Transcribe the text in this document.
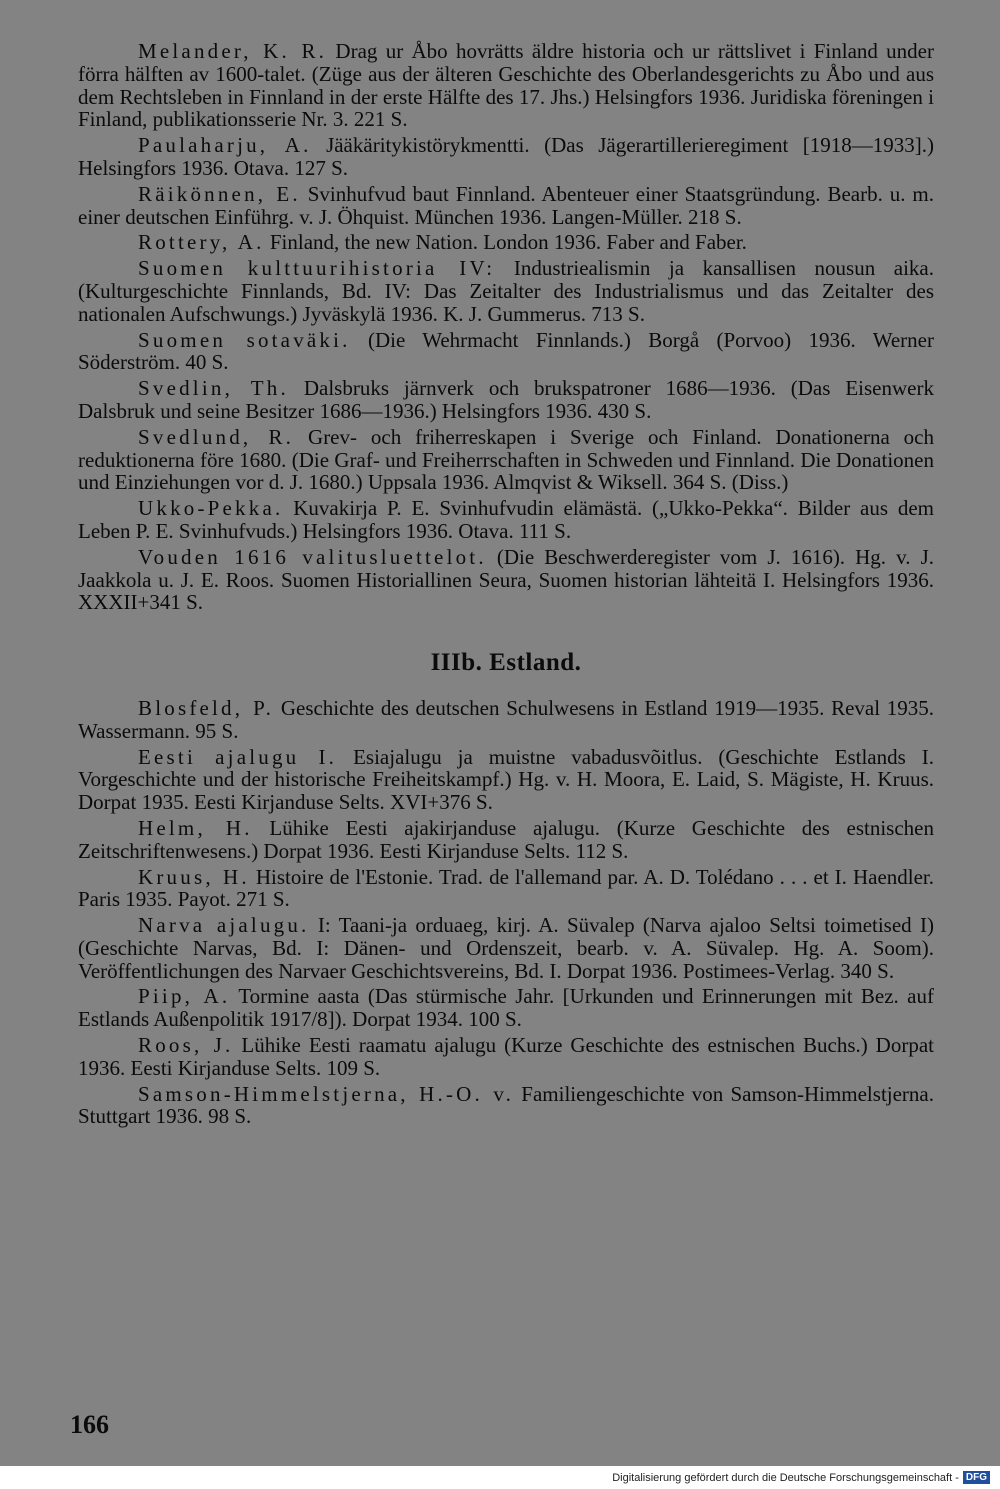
Melander, K. R. Drag ur Åbo hovrätts äldre historia och ur rättslivet i Finland under förra hälften av 1600-talet. (Züge aus der älteren Geschichte des Oberlandesgerichts zu Åbo und aus dem Rechtsleben in Finnland in der erste Hälfte des 17. Jhs.) Helsingfors 1936. Juridiska föreningen i Finland, publikationsserie Nr. 3. 221 S.

Paulaharju, A. Jääkäritykistörykmentti. (Das Jägerartillerieregiment [1918—1933].) Helsingfors 1936. Otava. 127 S.

Räikönnen, E. Svinhufvud baut Finnland. Abenteuer einer Staatsgründung. Bearb. u. m. einer deutschen Einführg. v. J. Öhquist. München 1936. Langen-Müller. 218 S.

Rottery, A. Finland, the new Nation. London 1936. Faber and Faber.

Suomen kulttuurihistoria IV: Industriealismin ja kansallisen nousun aika. (Kulturgeschichte Finnlands, Bd. IV: Das Zeitalter des Industrialismus und das Zeitalter des nationalen Aufschwungs.) Jyväskylä 1936. K. J. Gummerus. 713 S.

Suomen sotaväki. (Die Wehrmacht Finnlands.) Borgå (Porvoo) 1936. Werner Söderström. 40 S.

Svedlin, Th. Dalsbruks järnverk och brukspatroner 1686—1936. (Das Eisenwerk Dalsbruk und seine Besitzer 1686—1936.) Helsingfors 1936. 430 S.

Svedlund, R. Grev- och friherreskapen i Sverige och Finland. Donationerna och reduktionerna före 1680. (Die Graf- und Freiherrschaften in Schweden und Finnland. Die Donationen und Einziehungen vor d. J. 1680.) Uppsala 1936. Almqvist & Wiksell. 364 S. (Diss.)

Ukko-Pekka. Kuvakirja P. E. Svinhufvudin elämästä. („Ukko-Pekka“. Bilder aus dem Leben P. E. Svinhufvuds.) Helsingfors 1936. Otava. 111 S.

Vouden 1616 valitusluettelot. (Die Beschwerderegister vom J. 1616). Hg. v. J. Jaakkola u. J. E. Roos. Suomen Historiallinen Seura, Suomen historian lähteitä I. Helsingfors 1936. XXXII+341 S.

IIIb. Estland.

Blosfeld, P. Geschichte des deutschen Schulwesens in Estland 1919—1935. Reval 1935. Wassermann. 95 S.

Eesti ajalugu I. Esiajalugu ja muistne vabadusvõitlus. (Geschichte Estlands I. Vorgeschichte und der historische Freiheitskampf.) Hg. v. H. Moora, E. Laid, S. Mägiste, H. Kruus. Dorpat 1935. Eesti Kirjanduse Selts. XVI+376 S.

Helm, H. Lühike Eesti ajakirjanduse ajalugu. (Kurze Geschichte des estnischen Zeitschriftenwesens.) Dorpat 1936. Eesti Kirjanduse Selts. 112 S.

Kruus, H. Histoire de l'Estonie. Trad. de l'allemand par. A. D. Tolédano . . . et I. Haendler. Paris 1935. Payot. 271 S.

Narva ajalugu. I: Taani-ja orduaeg, kirj. A. Süvalep (Narva ajaloo Seltsi toimetised I) (Geschichte Narvas, Bd. I: Dänen- und Ordenszeit, bearb. v. A. Süvalep. Hg. A. Soom). Veröffentlichungen des Narvaer Geschichtsvereins, Bd. I. Dorpat 1936. Postimees-Verlag. 340 S.

Piip, A. Tormine aasta (Das stürmische Jahr. [Urkunden und Erinnerungen mit Bez. auf Estlands Außenpolitik 1917/8]). Dorpat 1934. 100 S.

Roos, J. Lühike Eesti raamatu ajalugu (Kurze Geschichte des estnischen Buchs.) Dorpat 1936. Eesti Kirjanduse Selts. 109 S.

Samson-Himmelstjerna, H.-O. v. Familiengeschichte von Samson-Himmelstjerna. Stuttgart 1936. 98 S.

166
Digitalisierung gefördert durch die Deutsche Forschungsgemeinschaft - DFG
